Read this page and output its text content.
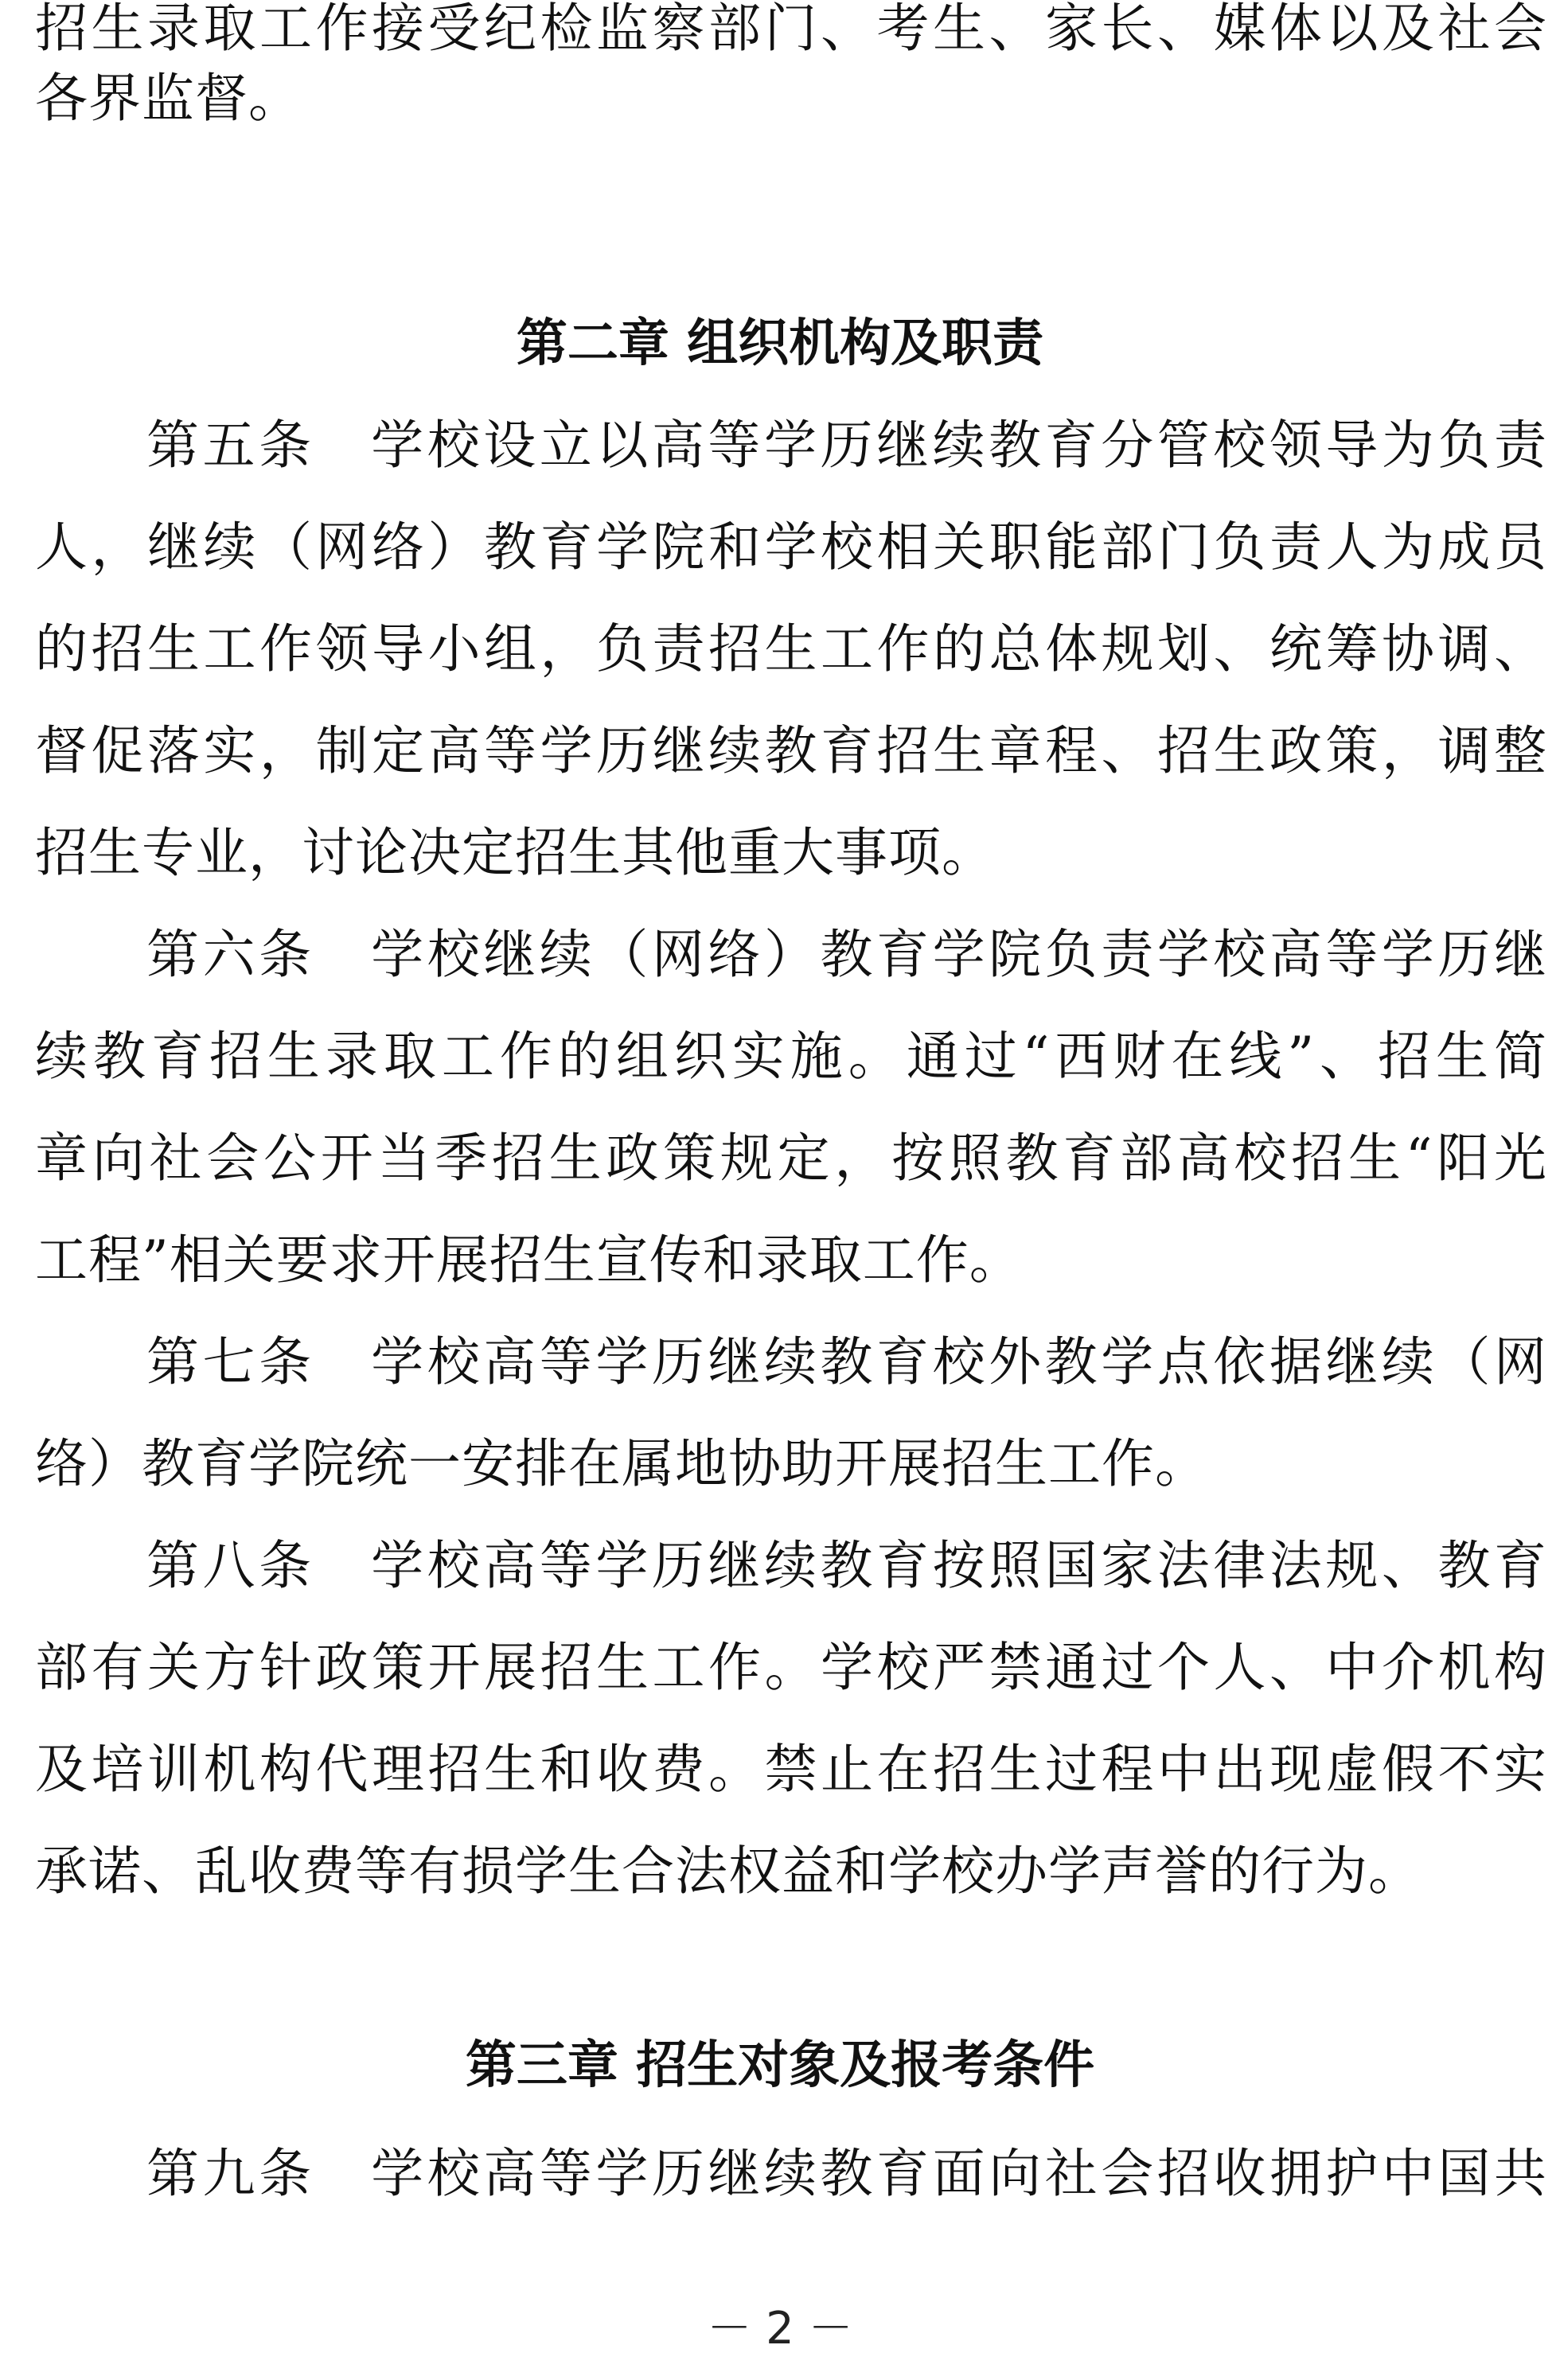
招生录取工作接受纪检监察部门、考生、家长、媒体以及社会
各界监督。
第二章 组织机构及职责
第五条　学校设立以高等学历继续教育分管校领导为负责
人，继续（网络）教育学院和学校相关职能部门负责人为成员
的招生工作领导小组，负责招生工作的总体规划、统筹协调、
督促落实，制定高等学历继续教育招生章程、招生政策，调整
招生专业，讨论决定招生其他重大事项。
第六条　学校继续（网络）教育学院负责学校高等学历继
续教育招生录取工作的组织实施。通过“西财在线”、招生简
章向社会公开当季招生政策规定，按照教育部高校招生“阳光
工程”相关要求开展招生宣传和录取工作。
第七条　学校高等学历继续教育校外教学点依据继续（网
络）教育学院统一安排在属地协助开展招生工作。
第八条　学校高等学历继续教育按照国家法律法规、教育
部有关方针政策开展招生工作。学校严禁通过个人、中介机构
及培训机构代理招生和收费。禁止在招生过程中出现虚假不实
承诺、乱收费等有损学生合法权益和学校办学声誉的行为。
第三章 招生对象及报考条件
第九条　学校高等学历继续教育面向社会招收拥护中国共
－ 2 －
